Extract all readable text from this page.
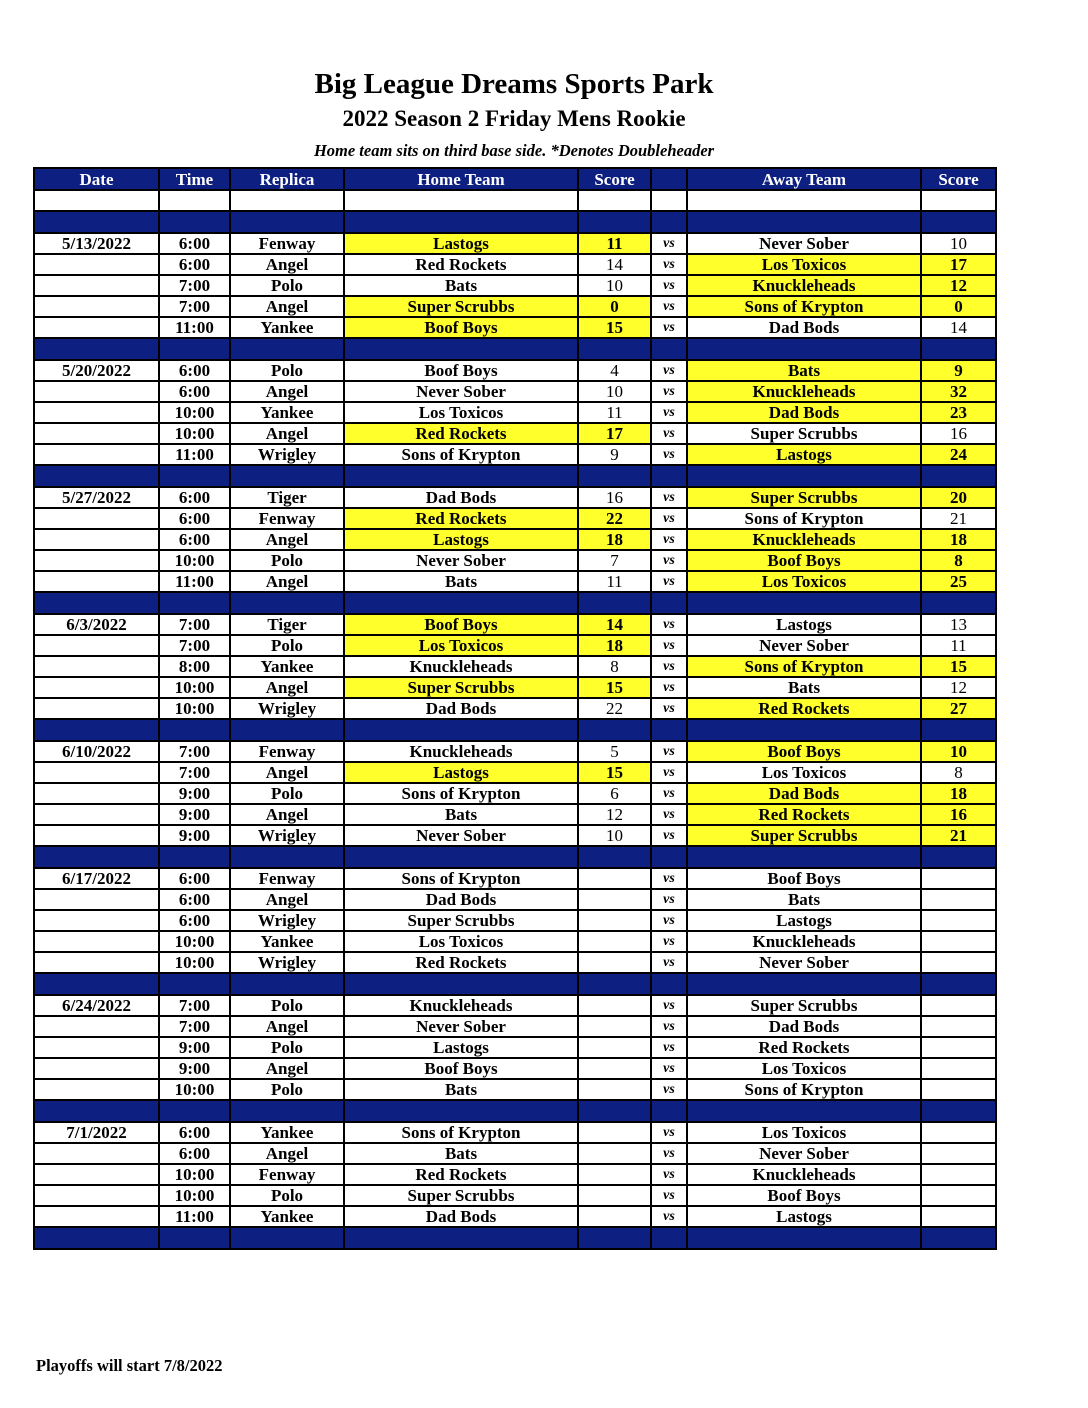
Big League Dreams Sports Park
2022 Season 2 Friday Mens Rookie
Home team sits on third base side. *Denotes Doubleheader
Date	Time	Replica	Home Team	Score		Away Team	Score

5/13/2022	6:00	Fenway	Lastogs	11	vs	Never Sober	10
	6:00	Angel	Red Rockets	14	vs	Los Toxicos	17
	7:00	Polo	Bats	10	vs	Knuckleheads	12
	7:00	Angel	Super Scrubbs	0	vs	Sons of Krypton	0
	11:00	Yankee	Boof Boys	15	vs	Dad Bods	14

5/20/2022	6:00	Polo	Boof Boys	4	vs	Bats	9
	6:00	Angel	Never Sober	10	vs	Knuckleheads	32
	10:00	Yankee	Los Toxicos	11	vs	Dad Bods	23
	10:00	Angel	Red Rockets	17	vs	Super Scrubbs	16
	11:00	Wrigley	Sons of Krypton	9	vs	Lastogs	24

5/27/2022	6:00	Tiger	Dad Bods	16	vs	Super Scrubbs	20
	6:00	Fenway	Red Rockets	22	vs	Sons of Krypton	21
	6:00	Angel	Lastogs	18	vs	Knuckleheads	18
	10:00	Polo	Never Sober	7	vs	Boof Boys	8
	11:00	Angel	Bats	11	vs	Los Toxicos	25

6/3/2022	7:00	Tiger	Boof Boys	14	vs	Lastogs	13
	7:00	Polo	Los Toxicos	18	vs	Never Sober	11
	8:00	Yankee	Knuckleheads	8	vs	Sons of Krypton	15
	10:00	Angel	Super Scrubbs	15	vs	Bats	12
	10:00	Wrigley	Dad Bods	22	vs	Red Rockets	27

6/10/2022	7:00	Fenway	Knuckleheads	5	vs	Boof Boys	10
	7:00	Angel	Lastogs	15	vs	Los Toxicos	8
	9:00	Polo	Sons of Krypton	6	vs	Dad Bods	18
	9:00	Angel	Bats	12	vs	Red Rockets	16
	9:00	Wrigley	Never Sober	10	vs	Super Scrubbs	21

6/17/2022	6:00	Fenway	Sons of Krypton		vs	Boof Boys	
	6:00	Angel	Dad Bods		vs	Bats	
	6:00	Wrigley	Super Scrubbs		vs	Lastogs	
	10:00	Yankee	Los Toxicos		vs	Knuckleheads	
	10:00	Wrigley	Red Rockets		vs	Never Sober	

6/24/2022	7:00	Polo	Knuckleheads		vs	Super Scrubbs	
	7:00	Angel	Never Sober		vs	Dad Bods	
	9:00	Polo	Lastogs		vs	Red Rockets	
	9:00	Angel	Boof Boys		vs	Los Toxicos	
	10:00	Polo	Bats		vs	Sons of Krypton	

7/1/2022	6:00	Yankee	Sons of Krypton		vs	Los Toxicos	
	6:00	Angel	Bats		vs	Never Sober	
	10:00	Fenway	Red Rockets		vs	Knuckleheads	
	10:00	Polo	Super Scrubbs		vs	Boof Boys	
	11:00	Yankee	Dad Bods		vs	Lastogs	

Playoffs will start 7/8/2022
